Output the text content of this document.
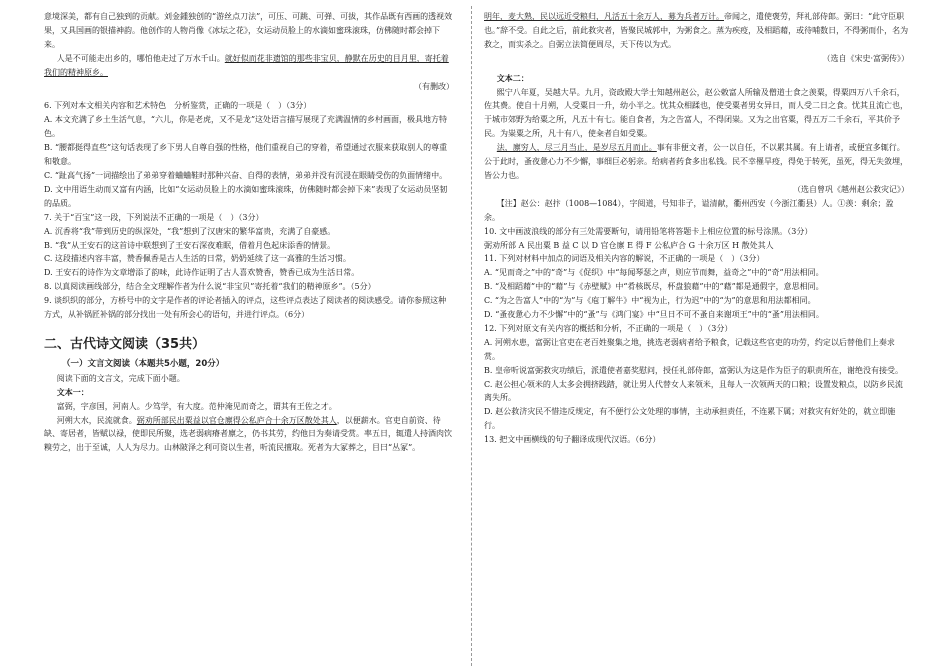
意境深美，都有自己独到的贡献。刘金鍾独创的“游丝点刀法”，可压、可跳、可弹、可拔，其作品既有西画的透视效果，又具国画的银描神韵。他创作的人物肖像《冰坛之花》，女运动员脸上的水滴如蜜珠滚珠，仿佛随时都会掉下来。

人是不可能走出乡的，哪怕他走过了万水千山。就好似而花非遗馆的那些非宝贝，静默在历史的目月里，寄托着我们的精神原乡。

（有删改）

6. 下列对本文相关内容和艺术特色　分析鉴赏，正确的一项是（　）（3分）

A. 本文充满了乡土生活气息，“六儿，你是老虎，又不是龙”这处语言描写展现了充满温情的乡村画面，极具地方特色。

B. “腰都挺得直些”这句话表现了乡下男人自尊自强的性格，他们重视自己的穿着，希望通过衣服来获取别人的尊重和敬意。

C. “趾高气扬”一词描绘出了弟弟穿着蛐蛐鞋时那种兴奋、自得的表情，弟弟并没有沉浸在眼睛受伤的负面情绪中。

D. 文中用语生动而又富有内涵，比如“女运动员脸上的水滴如蜜珠滚珠，仿佛随时都会掉下来”表现了女运动员坚韧的品质。

7. 关于“百宝”这一段，下列说法不正确的一项是（　）（3分）

A. 沉香将“我”带到历史的纵深处，“我”想到了汉唐宋的繁华富贵，充满了自豪感。

B. “我”从王安石的这首诗中联想到了王安石深夜难眠，借着月色起床添香的情景。

C. 这段描述内容丰富，赞香佩香是古人生活的日常，奶奶延续了这一高雅的生活习惯。

D. 王安石的诗作为文章增添了韵味，此诗作证明了古人喜欢赞香，赞香已成为生活日常。

8. 以真阅读画线部分，结合全文理解作者为什么说“非宝贝”寄托着“我们的精神原乡”。（5分）

9. 谈织织的部分，方桥号中的文字是作者的评论者插入的评点，这些评点表达了阅读者的阅读感受。请你参照这种方式，从补锅匠补锅的部分找出一处有所会心的语句，并进行评点。（6分）

二、古代诗文阅读（35共）
（一）文言文阅读（本题共5小题，20分）

阅读下面的文言文，完成下面小题。

文本一：

富弼，字彦国，河南人。少笃学，有大度。范仲淹见而奇之，谓其有王佐之才。

河朔大水，民流就食。弼劝所部民出粟益以官仓廪得公私庐合十余万区散处其人，以便薪水。官吏自前资、待缺、寄居者，皆赋以禄，使即民所聚，选老弱病瘠者廪之，仍书其劳，约他日为奏请受赏。率五日，辄遣人持酒肉饮糗劳之，出于至诚，人人为尽力。山林陂泽之利可资以生者，听流民擅取。死者为大冢葬之，目曰“丛冢”。

明年，麦大熟，民以远近受粮归，凡活五十余万人，募为兵者万计。帝闻之，遣使褒劳，拜礼部侍郎。弼曰：“此守臣职也。”辞不受。自此之后，前此救灾者，皆聚民城郭中，为粥食之。蒸为疾疫，及相蹈藉，或待哺数日，不得粥而仆，名为救之，而实杀之。自弼立法简便周尽，天下传以为式。

（选自《宋史·富弼传》）

文本二：

熙宁八年夏，吴越大旱。九月，资政殿大学士知越州赵公，赵公敕富人所输及僧道士食之羡粟，得粟四万八千余石，佐其费。使自十月朔，人受粟日一升，幼小半之。忧其众相蹂也，使受粟者男女异日，而人受二日之食。忧其且流亡也，于城市郊野为给粟之所，凡五十有七。能自食者，为之告富人，不得闭粜。又为之出官粟，得五万二千余石，平其价予民。为粜粟之所，凡十有八，使籴者自如受粟。

法，廪穷人，尽三月当止，是岁尽五月而止。事有非便文者，公一以自任，不以累其属。有上请者，或便宜多辄行。公于此时，蚤夜惫心力不少懈，事细巨必躬亲。给病者药食多出私钱。民不幸罹旱疫，得免于转死，虽死，得无失敛埋，皆公力也。

（选自曾巩《越州赵公救灾记》）

【注】赵公：赵抃（1008—1084），字阅道，号知非子，谥清献，衢州西安（今浙江衢县）人。①羡：剩余；盈余。

10. 文中画波浪线的部分有三处需要断句，请用铅笔将答题卡上相应位置的标号涂黑。（3分）

弼劝所部 A 民出粟 B 益 C 以 D 官仓廪 E 得 F 公私庐合 G 十余万区 H 散处其人

11. 下列对材料中加点的词语及相关内容的解说，不正确的一项是（　）（3分）

A. “见而奇之”中的“奇”与《促织》中“每闻琴瑟之声，则应节而舞，益奇之”中的“奇”用法相同。

B. “及相蹈藉”中的“藉”与《赤壁赋》中“肴核既尽，杯盘狼藉”中的“藉”都是通假字，意思相同。

C. “为之告富人”中的“为”与《庖丁解牛》中“视为止，行为迟”中的“为”的意思和用法都相同。

D. “蚤夜惫心力不少懈”中的“蚤”与《鸿门宴》中“旦日不可不蚤自来谢项王”中的“蚤”用法相同。

12. 下列对原文有关内容的概括和分析，不正确的一项是（　）（3分）

A. 河朔水患，富弼让官吏在老百姓聚集之地，挑选老弱病者给予粮食，记载这些官吏的功劳，约定以后替他们上奏求赏。

B. 皇帝听说富弼救灾功绩后，派遣使者嘉奖慰问，授任礼部侍郎，富弼认为这是作为臣子的职责所在，谢绝没有接受。

C. 赵公担心领米的人太多会拥挤践踏，就让男人代替女人来领米，且每人一次领两天的口粮；设置发粮点，以防乡民流离失所。

D. 赵公救济灾民不惜违反规定，有不便行公文处理的事情，主动承担责任，不连累下属；对救灾有好处的，就立即施行。

13. 把文中画横线的句子翻译成现代汉语。（6分）
